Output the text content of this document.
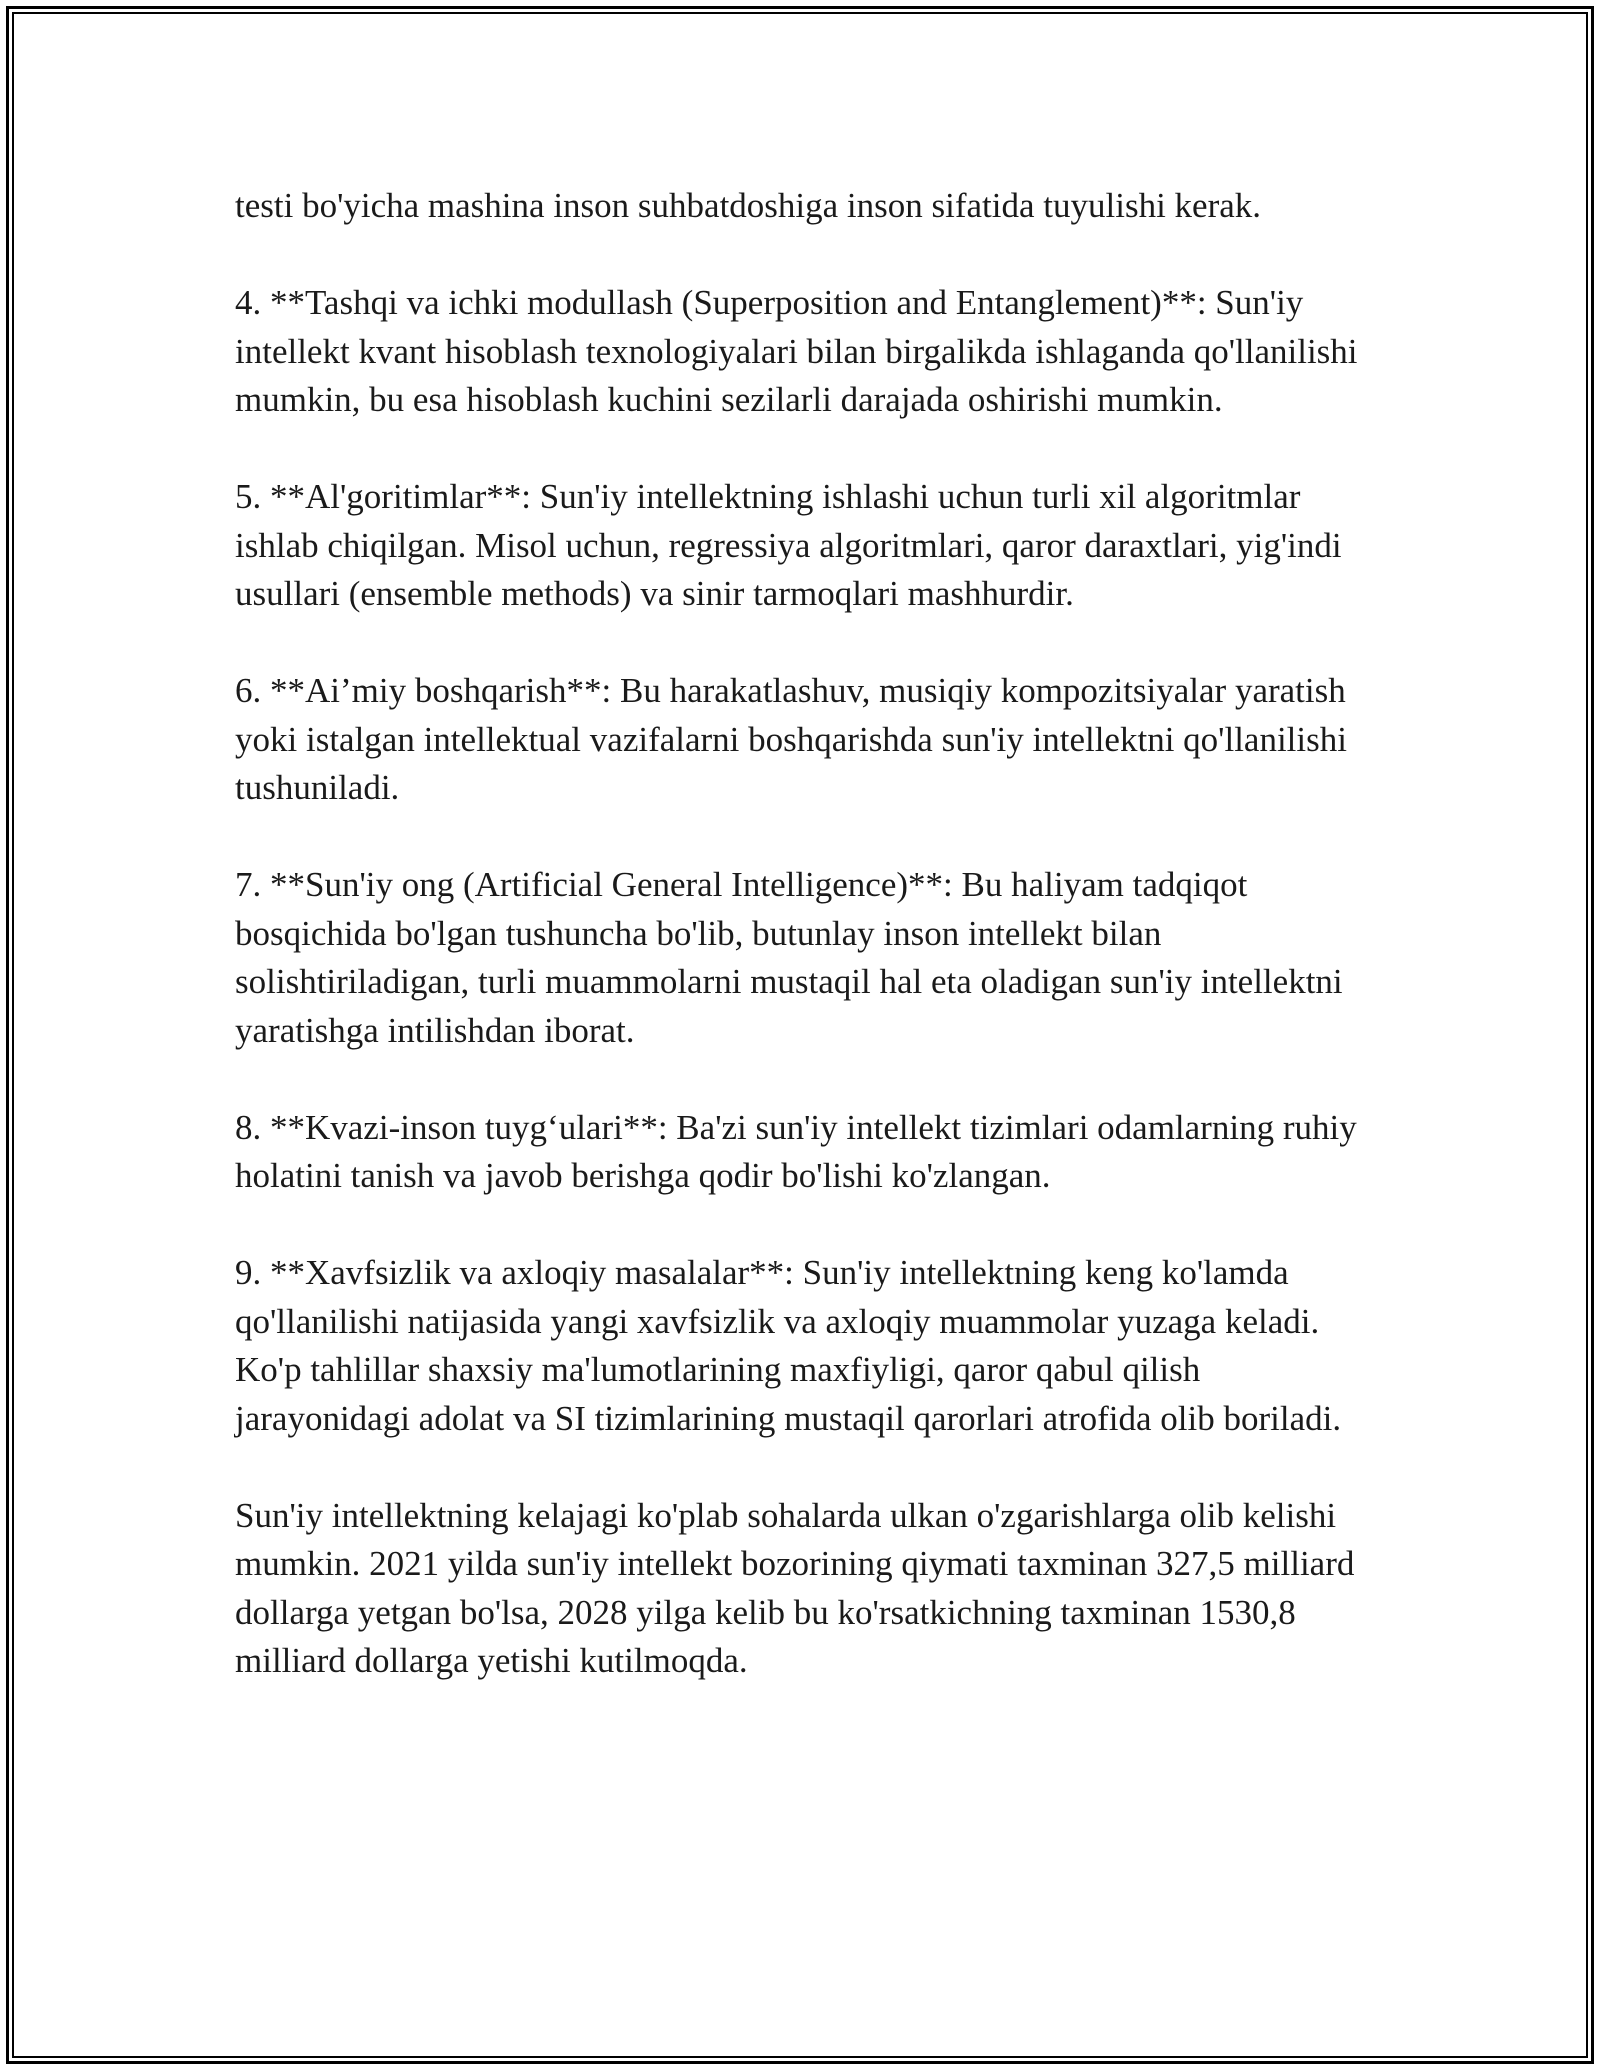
testi bo'yicha mashina inson suhbatdoshiga inson sifatida tuyulishi kerak.

4. **Tashqi va ichki modullash (Superposition and Entanglement)**: Sun'iy intellekt kvant hisoblash texnologiyalari bilan birgalikda ishlaganda qo'llanilishi mumkin, bu esa hisoblash kuchini sezilarli darajada oshirishi mumkin.

5. **Al'goritimlar**: Sun'iy intellektning ishlashi uchun turli xil algoritmlar ishlab chiqilgan. Misol uchun, regressiya algoritmlari, qaror daraxtlari, yig'indi usullari (ensemble methods) va sinir tarmoqlari mashhurdir.

6. **Ai’miy boshqarish**: Bu harakatlashuv, musiqiy kompozitsiyalar yaratish yoki istalgan intellektual vazifalarni boshqarishda sun'iy intellektni qo'llanilishi tushuniladi.

7. **Sun'iy ong (Artificial General Intelligence)**: Bu haliyam tadqiqot bosqichida bo'lgan tushuncha bo'lib, butunlay inson intellekt bilan solishtiriladigan, turli muammolarni mustaqil hal eta oladigan sun'iy intellektni yaratishga intilishdan iborat.

8. **Kvazi-inson tuyg‘ulari**: Ba'zi sun'iy intellekt tizimlari odamlarning ruhiy holatini tanish va javob berishga qodir bo'lishi ko'zlangan.

9. **Xavfsizlik va axloqiy masalalar**: Sun'iy intellektning keng ko'lamda qo'llanilishi natijasida yangi xavfsizlik va axloqiy muammolar yuzaga keladi. Ko'p tahlillar shaxsiy ma'lumotlarining maxfiyligi, qaror qabul qilish jarayonidagi adolat va SI tizimlarining mustaqil qarorlari atrofida olib boriladi.

Sun'iy intellektning kelajagi ko'plab sohalarda ulkan o'zgarishlarga olib kelishi mumkin. 2021 yilda sun'iy intellekt bozorining qiymati taxminan 327,5 milliard dollarga yetgan bo'lsa, 2028 yilga kelib bu ko'rsatkichning taxminan 1530,8 milliard dollarga yetishi kutilmoqda.
